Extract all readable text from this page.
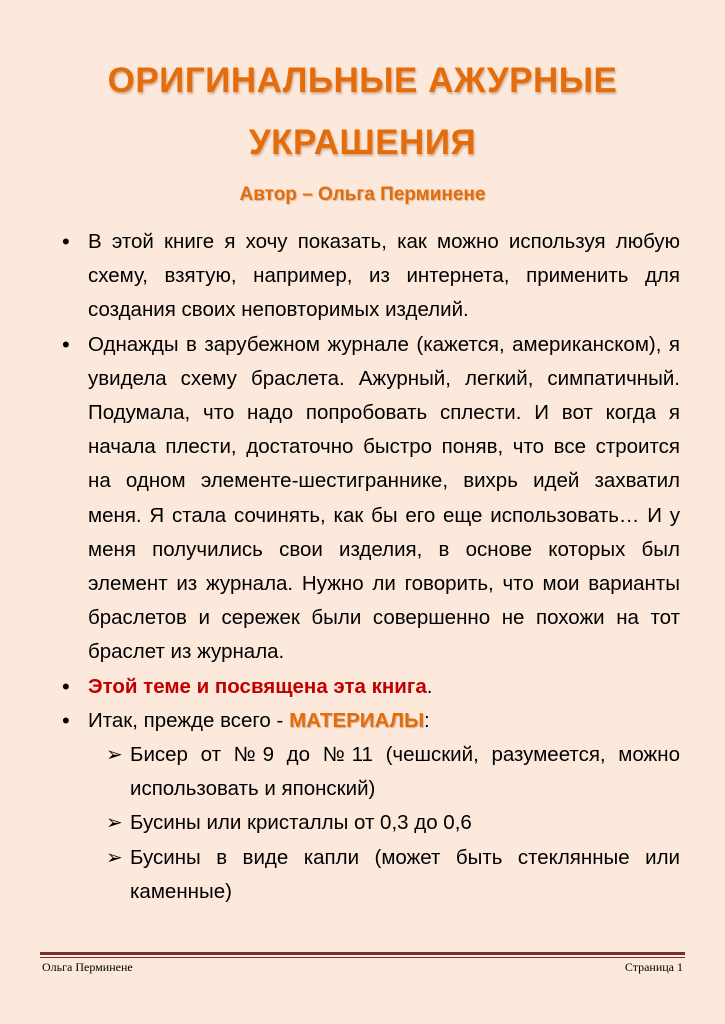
ОРИГИНАЛЬНЫЕ АЖУРНЫЕ УКРАШЕНИЯ
Автор – Ольга Перминене
• В этой книге я хочу показать, как можно используя любую схему, взятую, например, из интернета, применить для создания своих неповторимых изделий.
• Однажды в зарубежном журнале (кажется, американском), я увидела схему браслета. Ажурный, легкий, симпатичный. Подумала, что надо попробовать сплести. И вот когда я начала плести, достаточно быстро поняв, что все строится на одном элементе-шестиграннике, вихрь идей захватил меня. Я стала сочинять, как бы его еще использовать… И у меня получились свои изделия, в основе которых был элемент из журнала. Нужно ли говорить, что мои варианты браслетов и сережек были совершенно не похожи на тот браслет из журнала.
• Этой теме и посвящена эта книга.
• Итак, прежде всего - МАТЕРИАЛЫ:
➢ Бисер от №9 до №11 (чешский, разумеется, можно использовать и японский)
➢ Бусины или кристаллы от 0,3 до 0,6
➢ Бусины в виде капли (может быть стеклянные или каменные)
Ольга Перминене	Страница 1
